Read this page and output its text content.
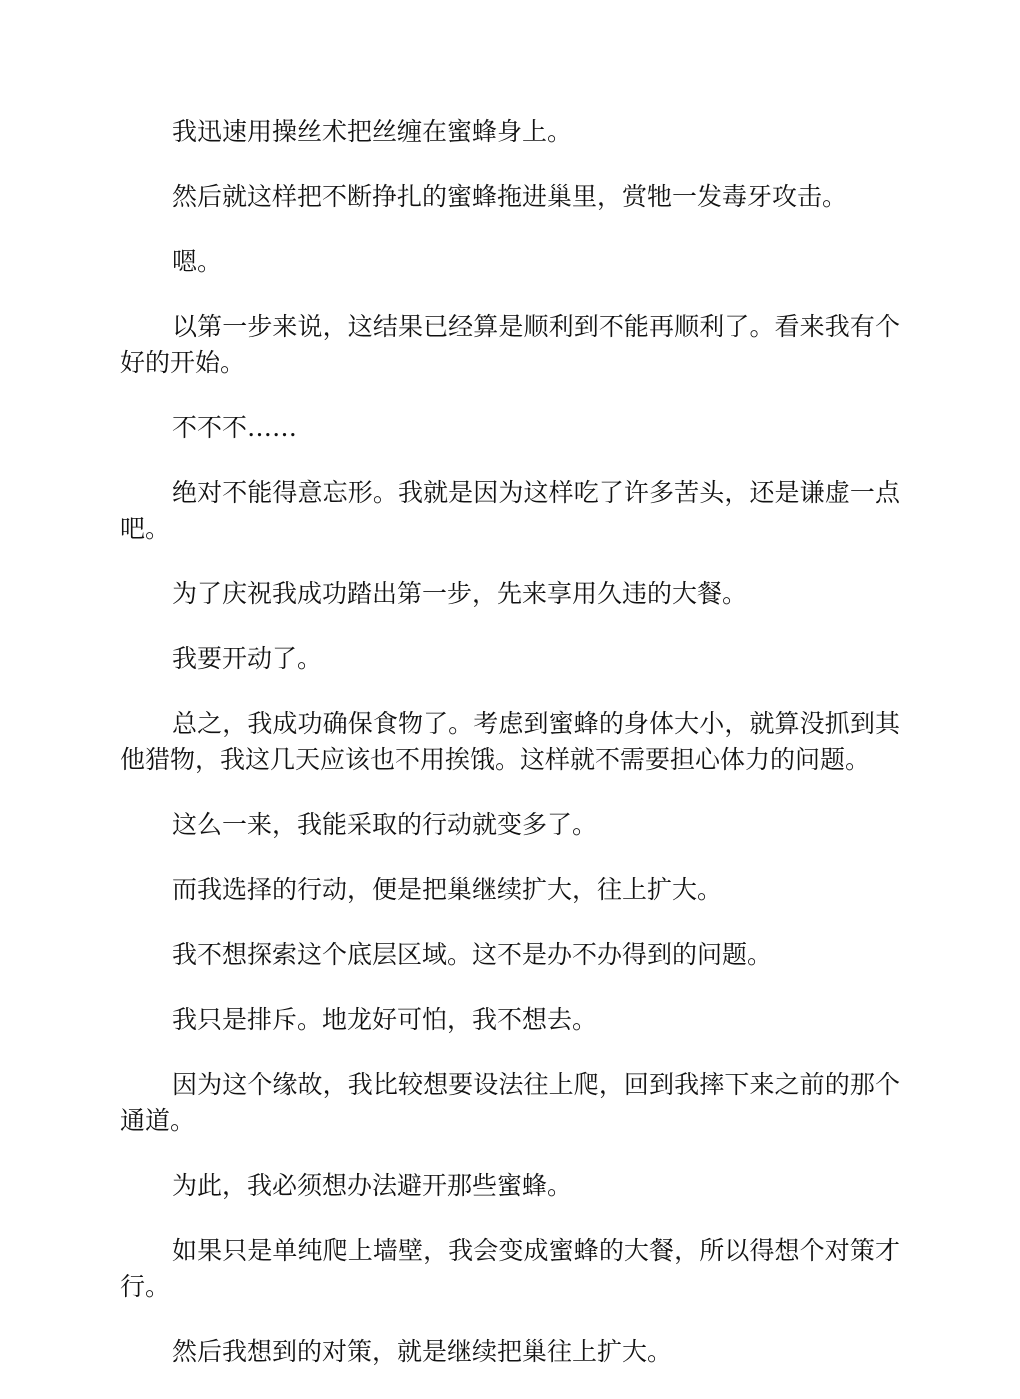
我迅速用操丝术把丝缠在蜜蜂身上。

然后就这样把不断挣扎的蜜蜂拖进巢里，赏牠一发毒牙攻击。

嗯。

以第一步来说，这结果已经算是顺利到不能再顺利了。看来我有个好的开始。

不不不……

绝对不能得意忘形。我就是因为这样吃了许多苦头，还是谦虚一点吧。

为了庆祝我成功踏出第一步，先来享用久违的大餐。

我要开动了。

总之，我成功确保食物了。考虑到蜜蜂的身体大小，就算没抓到其他猎物，我这几天应该也不用挨饿。这样就不需要担心体力的问题。

这么一来，我能采取的行动就变多了。

而我选择的行动，便是把巢继续扩大，往上扩大。

我不想探索这个底层区域。这不是办不办得到的问题。

我只是排斥。地龙好可怕，我不想去。

因为这个缘故，我比较想要设法往上爬，回到我摔下来之前的那个通道。

为此，我必须想办法避开那些蜜蜂。

如果只是单纯爬上墙壁，我会变成蜜蜂的大餐，所以得想个对策才行。

然后我想到的对策，就是继续把巢往上扩大。
